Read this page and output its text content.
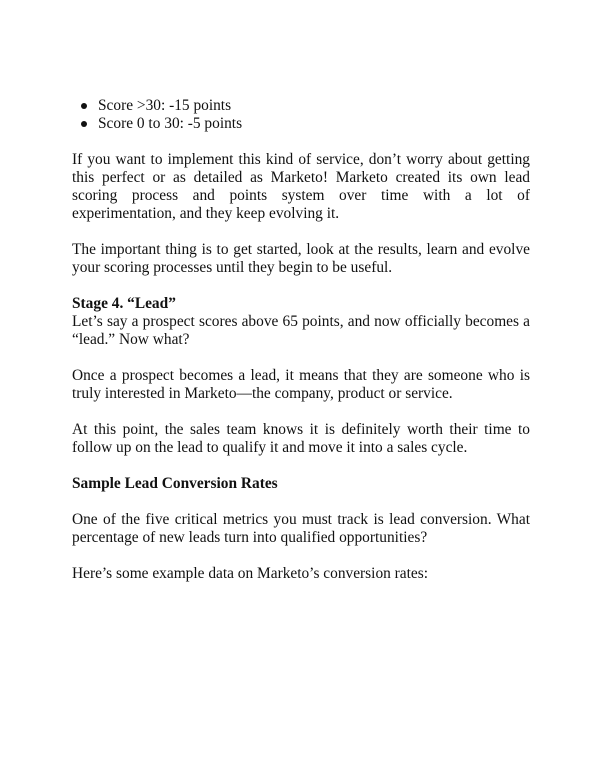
Score >30: -15 points
Score 0 to 30: -5 points

If you want to implement this kind of service, don’t worry about getting this perfect or as detailed as Marketo! Marketo created its own lead scoring process and points system over time with a lot of experimentation, and they keep evolving it.

The important thing is to get started, look at the results, learn and evolve your scoring processes until they begin to be useful.

Stage 4. “Lead”

Let’s say a prospect scores above 65 points, and now officially becomes a “lead.” Now what?

Once a prospect becomes a lead, it means that they are someone who is truly interested in Marketo—the company, product or service.

At this point, the sales team knows it is definitely worth their time to follow up on the lead to qualify it and move it into a sales cycle.

Sample Lead Conversion Rates

One of the five critical metrics you must track is lead conversion. What percentage of new leads turn into qualified opportunities?

Here’s some example data on Marketo’s conversion rates:
